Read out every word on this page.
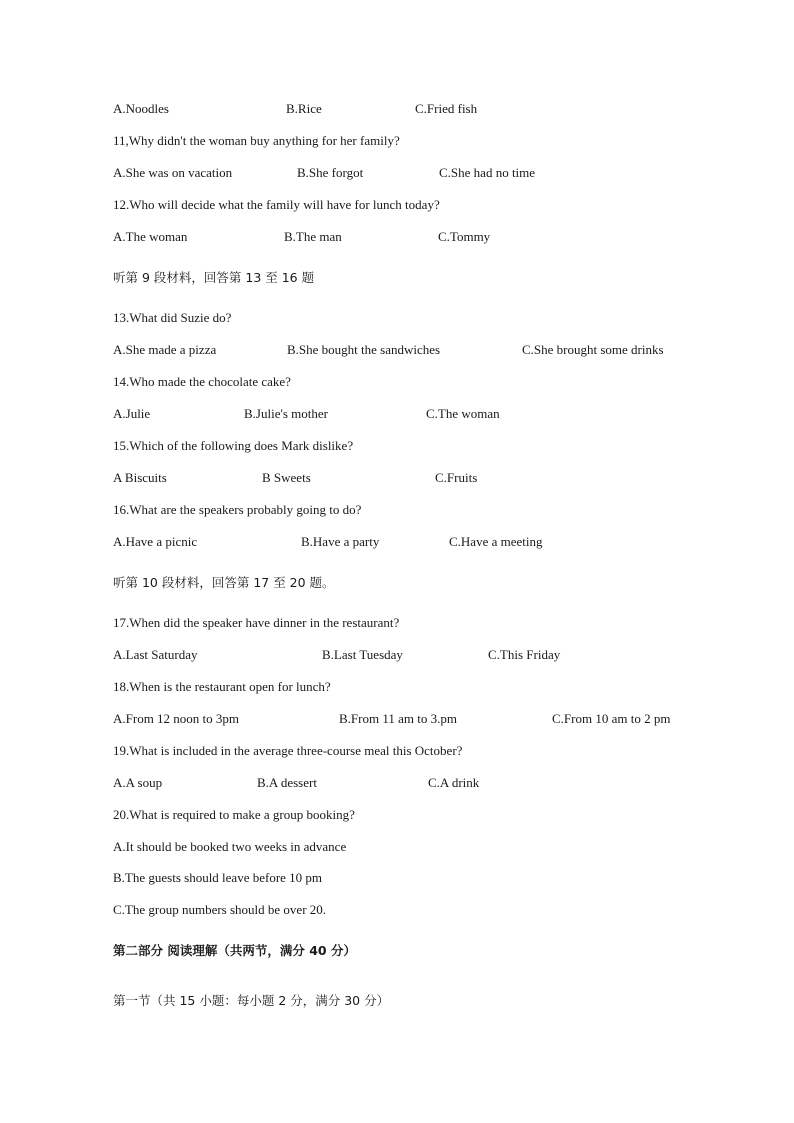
A.Noodles	B.Rice	C.Fried fish
11,Why didn't the woman buy anything for her family?
A.She was on vacation	B.She forgot	C.She had no time
12.Who will decide what the family will have for lunch today?
A.The woman	B.The man	C.Tommy
听第 9 段材料，回答第 13 至 16 题
13.What did Suzie do?
A.She made a pizza	B.She bought the sandwiches	C.She brought some drinks
14.Who made the chocolate cake?
A.Julie	B.Julie's mother	C.The woman
15.Which of the following does Mark dislike?
A Biscuits	B Sweets	C.Fruits
16.What are the speakers probably going to do?
A.Have a picnic	B.Have a party	C.Have a meeting
听第 10 段材料，回答第 17 至 20 题。
17.When did the speaker have dinner in the restaurant?
A.Last Saturday	B.Last Tuesday	C.This Friday
18.When is the restaurant open for lunch?
A.From 12 noon to 3pm	B.From 11 am to 3.pm	C.From 10 am to 2 pm
19.What is included in the average three-course meal this October?
A.A soup	B.A dessert	C.A drink
20.What is required to make a group booking?
A.It should be booked two weeks in advance
B.The guests should leave before 10 pm
C.The group numbers should be over 20.
第二部分 阅读理解（共两节，满分 40 分）
第一节（共 15 小题：每小题 2 分，满分 30 分）
